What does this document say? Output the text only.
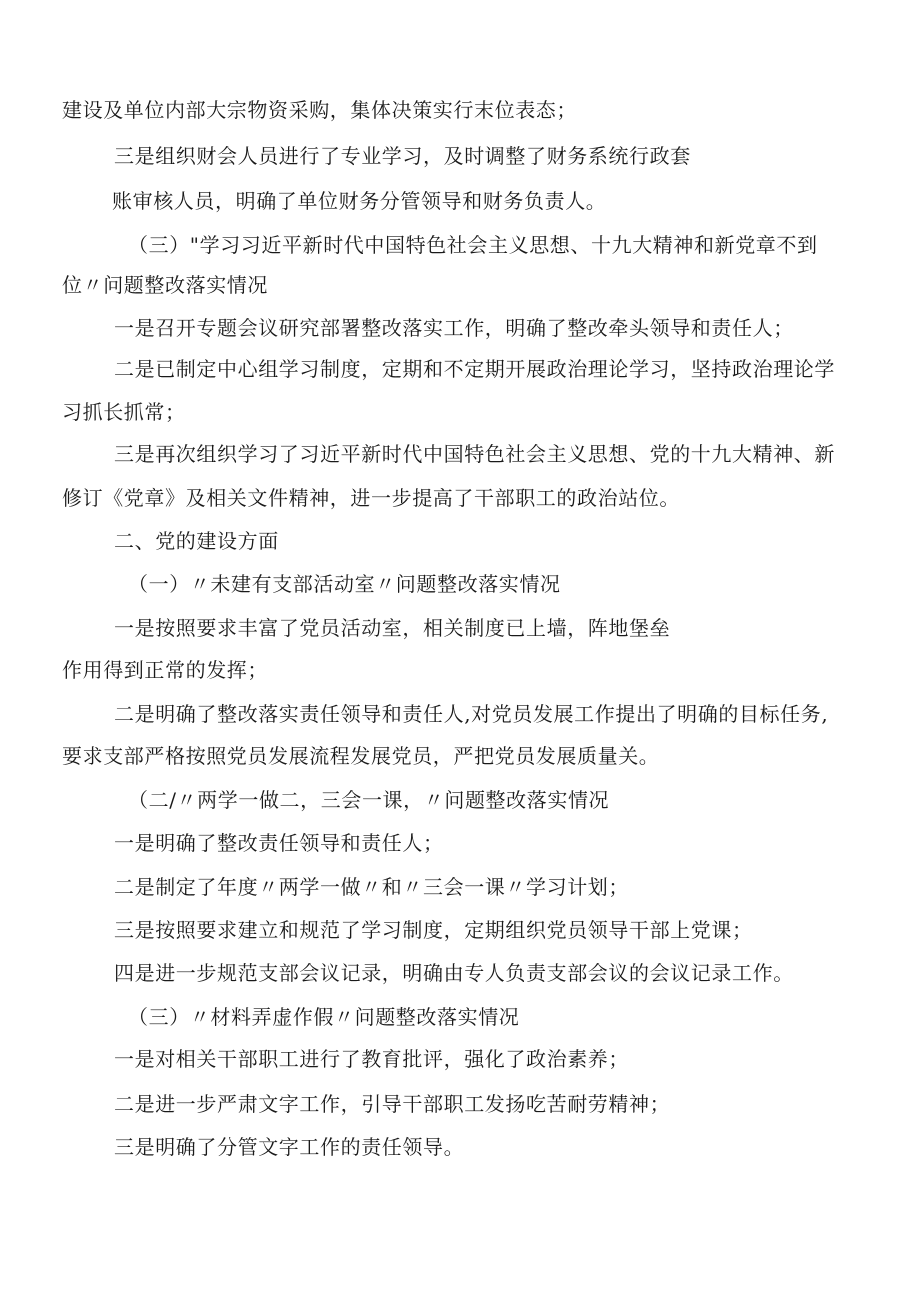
建设及单位内部大宗物资采购，集体决策实行末位表态；
三是组织财会人员进行了专业学习，及时调整了财务系统行政套
账审核人员，明确了单位财务分管领导和财务负责人。
（三）"学习习近平新时代中国特色社会主义思想、十九大精神和新党章不到
位〃问题整改落实情况
一是召开专题会议研究部署整改落实工作，明确了整改牵头领导和责任人；
二是已制定中心组学习制度，定期和不定期开展政治理论学习，坚持政治理论学
习抓长抓常；
三是再次组织学习了习近平新时代中国特色社会主义思想、党的十九大精神、新
修订《党章》及相关文件精神，进一步提高了干部职工的政治站位。
二、党的建设方面
（一）〃未建有支部活动室〃问题整改落实情况
一是按照要求丰富了党员活动室，相关制度已上墙，阵地堡垒
作用得到正常的发挥；
二是明确了整改落实责任领导和责任人,对党员发展工作提出了明确的目标任务,
要求支部严格按照党员发展流程发展党员，严把党员发展质量关。
（二/〃两学一做二，三会一课，〃问题整改落实情况
一是明确了整改责任领导和责任人；
二是制定了年度〃两学一做〃和〃三会一课〃学习计划；
三是按照要求建立和规范了学习制度，定期组织党员领导干部上党课；
四是进一步规范支部会议记录，明确由专人负责支部会议的会议记录工作。
（三）〃材料弄虚作假〃问题整改落实情况
一是对相关干部职工进行了教育批评，强化了政治素养；
二是进一步严肃文字工作，引导干部职工发扬吃苦耐劳精神；
三是明确了分管文字工作的责任领导。
